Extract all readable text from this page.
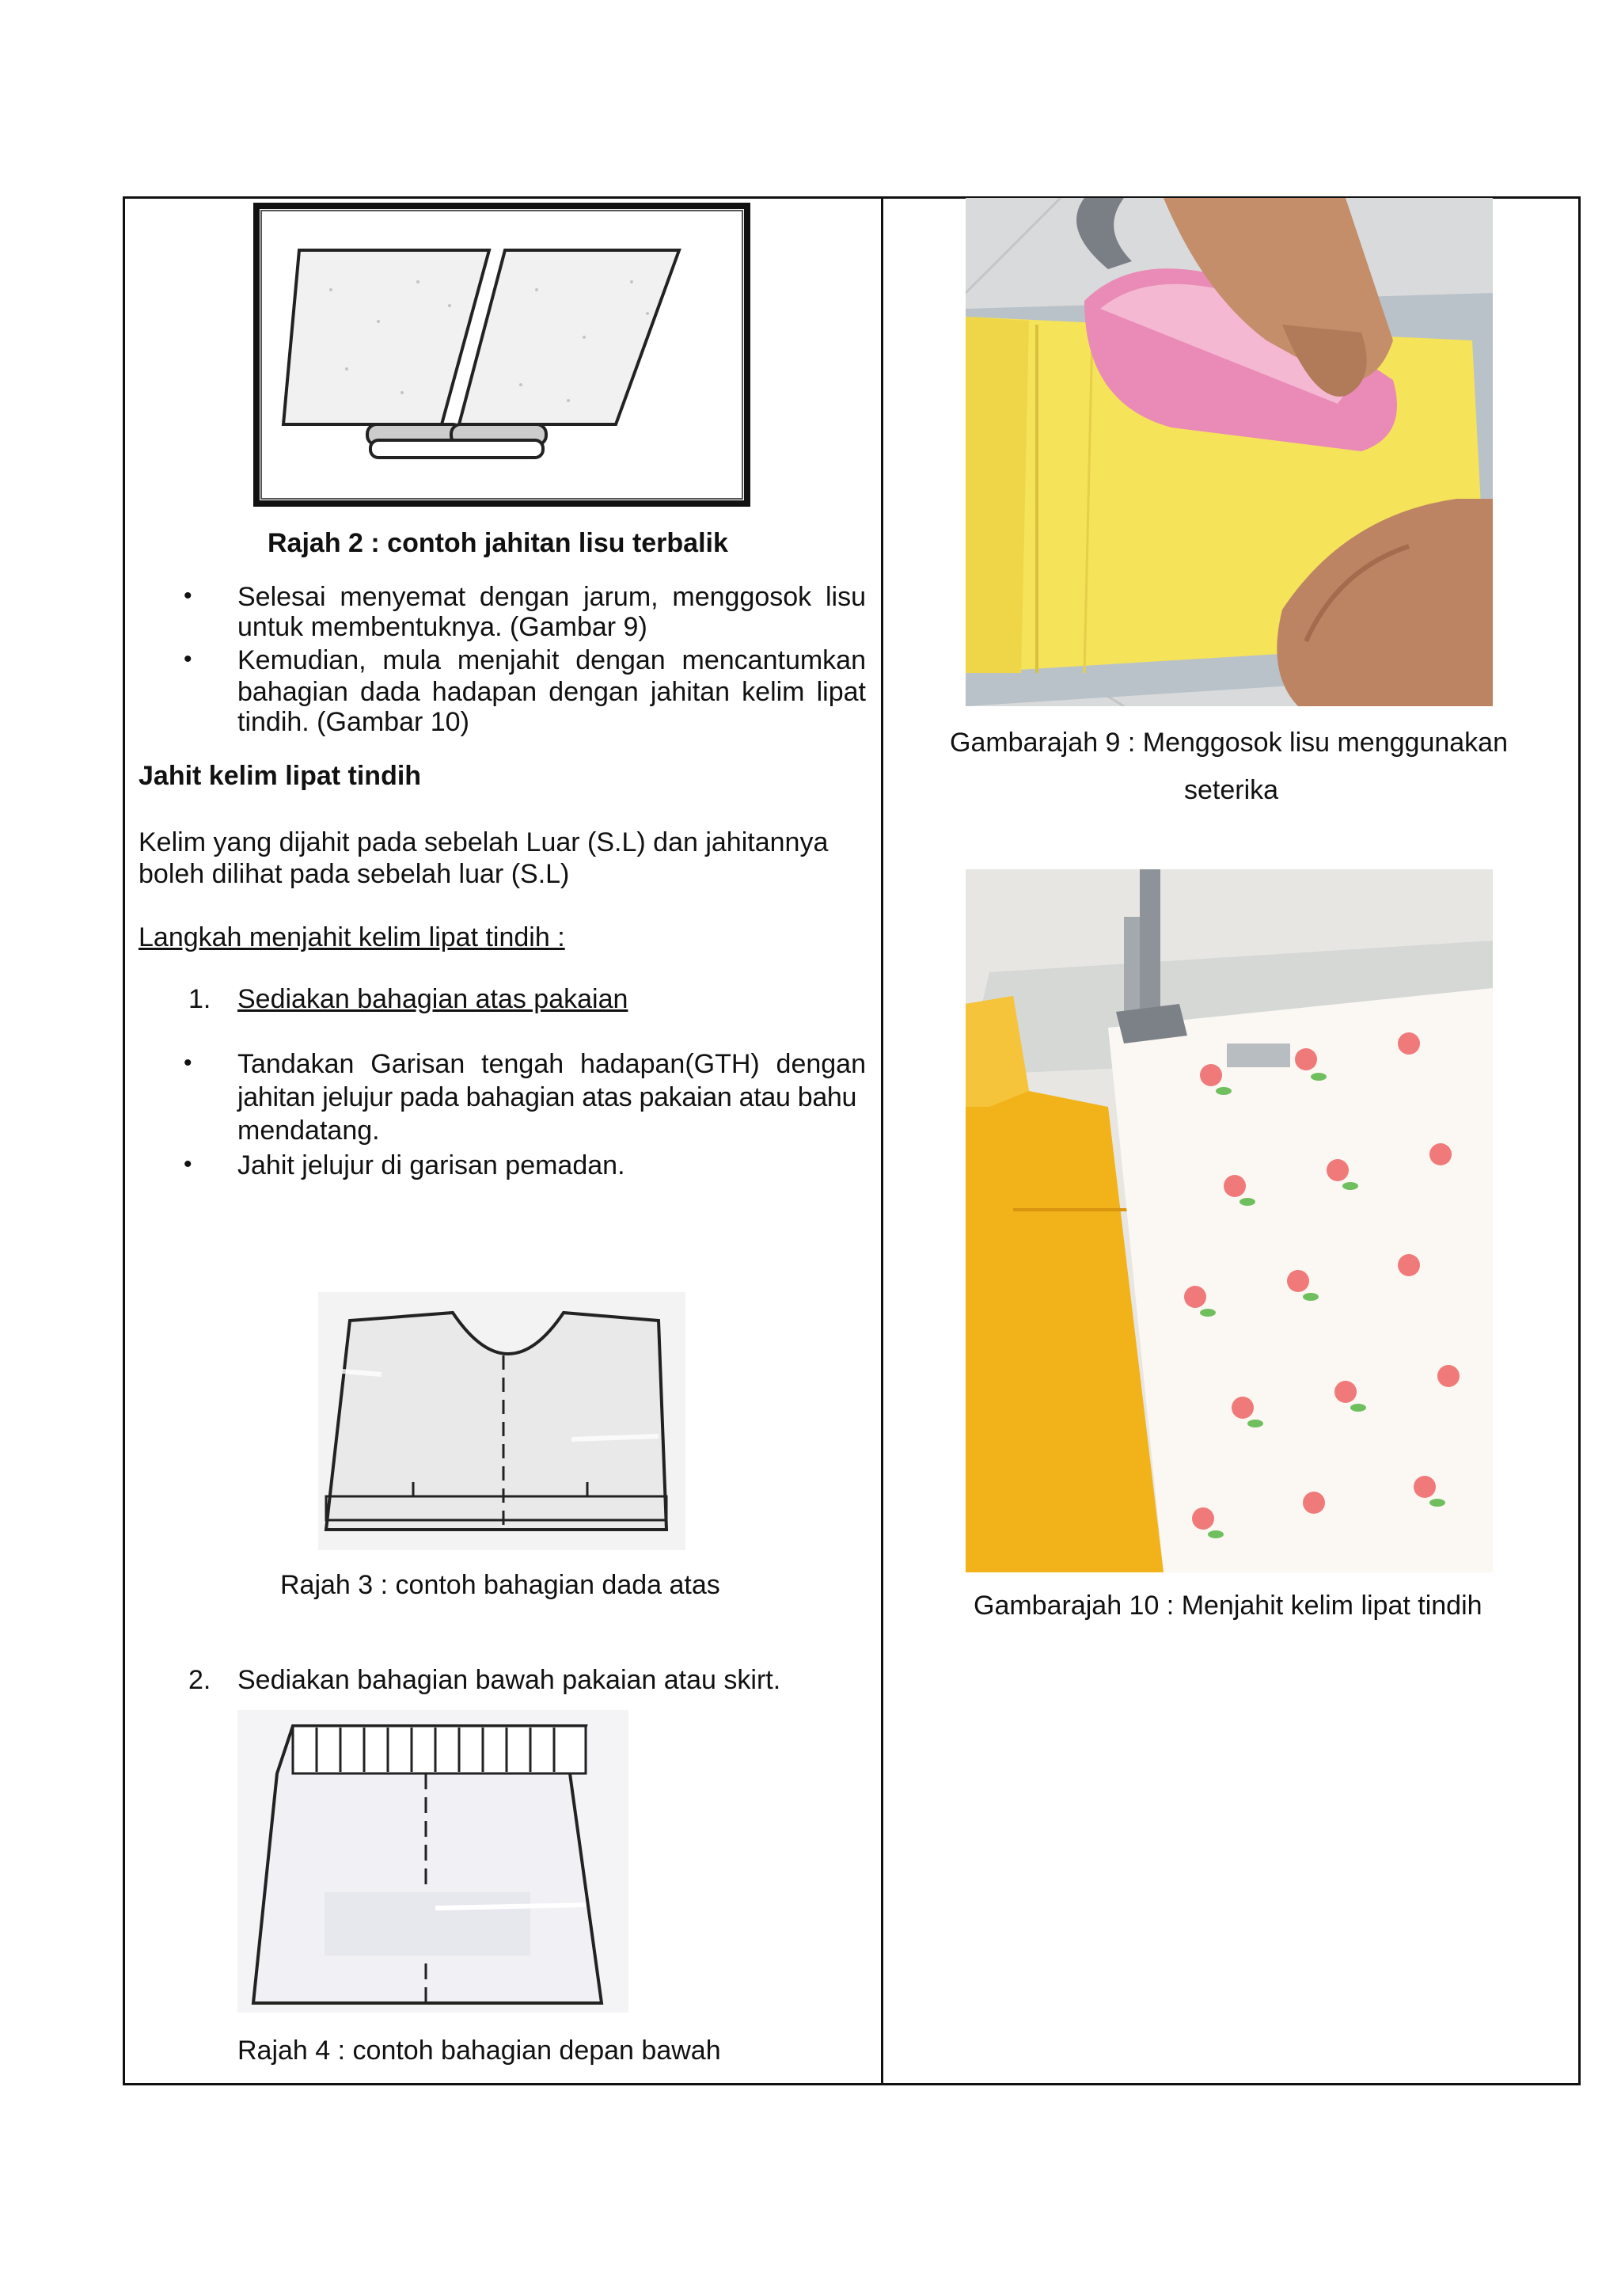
Rajah 2 : contoh jahitan lisu terbalik
• Selesai menyemat dengan jarum, menggosok lisu
untuk membentuknya. (Gambar 9)
• Kemudian, mula menjahit dengan mencantumkan
bahagian dada hadapan dengan jahitan kelim lipat
tindih. (Gambar 10)
Jahit kelim lipat tindih
Kelim yang dijahit pada sebelah Luar (S.L) dan jahitannya
boleh dilihat pada sebelah luar (S.L)
Langkah menjahit kelim lipat tindih :
1. Sediakan bahagian atas pakaian
• Tandakan Garisan tengah hadapan(GTH) dengan
jahitan jelujur pada bahagian atas pakaian atau bahu
mendatang.
• Jahit jelujur di garisan pemadan.
Rajah 3 : contoh bahagian dada atas
2. Sediakan bahagian bawah pakaian atau skirt.
Rajah 4 : contoh bahagian depan bawah
Gambarajah 9 : Menggosok lisu menggunakan
seterika
Gambarajah 10 : Menjahit kelim lipat tindih
